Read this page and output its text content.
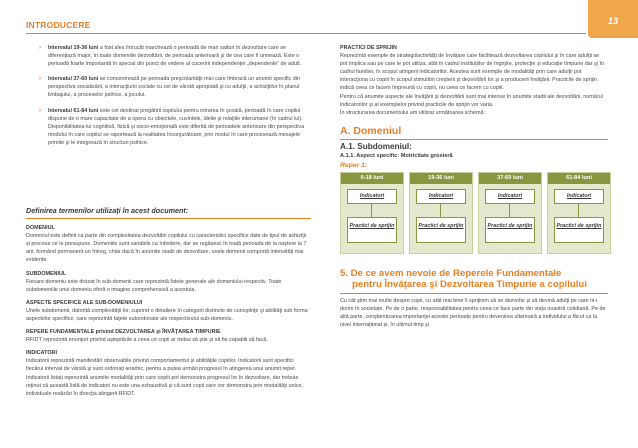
INTRODUCERE	13
› Intervalul 19-36 luni a fost ales întrucât marchează o perioadă de mari salturi în dezvoltare care se diferenţiază major, în toate domeniile dezvoltării, de perioada anterioară şi de cea care îi urmează. Este o perioadă foarte importantă în special din punct de vedere al cuceririi independenţei „dependente” de adult.
› Intervalul 37-60 luni se concentrează pe perioada preşcolarităţii mici care îmbracă un anumit specific din perspectiva socializării, a interacţiunii sociale cu cei de vârstă apropiată şi cu adulţii, a achiziţiilor în planul limbajului, a proceselor psihice, a jocului.
› Intervalul 61-84 luni este cel destinat pregătirii copilului pentru intrarea în şcoală, perioadă în care copilul dispune de o mare capacitate de a opera cu obiectele, cuvintele, ideile şi relaţiile interumane (în cadrul lui). Disponibilitatea lui cognitivă, fizică şi socio-emoţională este diferită de perioadele anterioare din perspectiva modului în care copilul se raportează la realitatea înconjurătoare, prin modul în care procesează mesajele primite şi le integrează în structuri psihice.
Definirea termenilor utilizaţi în acest document:
DOMENIUL
Domeniul este definit ca parte din complexitatea dezvoltării copilului cu caracteristici specifice date de tipul de achiziţii şi procese ce le presupune. Domeniile sunt variabile ca întindere, dar se regăsesc în toată perioada de la naştere la 7 ani, formând permanent un întreg, chiar dacă în anumite stadii de dezvoltare, unele domenii comportă intensităţi mai evidente.
SUBDOMENIUL
Fiecare domeniu este divizat în sub-domenii care reprezintă fatete generale ale domeniului respectiv. Toate subdomeniile unui domeniu oferă o imagine comprehensivă a acestuia.
ASPECTE SPECIFICE ALE SUB-DOMENIULUI
Unele subdomenii, datorită complexităţii lor, cuprind o detaliere în categorii distincte de cunoştinţe şi abilităţi sub forma aspectelor specifice, care reprezintă faţete subordonate ale respectivului sub-domeniu.
REPERE FUNDAMENTALE privind DEZVOLTAREA şi ÎNVĂŢAREA TIMPURIE
RFIDT reprezintă enunţuri privind aşteptările a ceea ce copii ar trebui să ştie şi să fie capabili să facă.
INDICATORI
Indicatorii reprezintă manifestări observabile privind comportamentul şi abilităţile copiilor. Indicatorii sunt specifici fiecărui interval de vârstă şi sunt ordonaţi ierarhic, pentru a putea urmări progresul în atingerea unui anumit reper. Indicatorii listaţi reprezintă anumite modalităţi prin care copiii pot demonstra progresul lor în dezvoltare, dar trebuie reţinut că această listă de indicatori nu este una exhaustivă şi că sunt copii care vor demonstra prin modalităţi unice, individuale realizări în direcţia atingerii RFIDT.
PRACTICI DE SPRIJIN
Reprezintă exemple de strategii/activităţi de învăţare care facilitează dezvoltarea copilului şi în care adulţii se pot implica sau pe care le pot utiliza, atât în cadrul instituţiilor de îngrijire, protecţie şi educaţie timpurie dar şi în cadrul familiei, în scopul atingerii indicatorilor. Acestea sunt exemple de modalităţi prin care adulţii pot interacţiona cu copiii în scopul stimulării creşterii şi dezvoltării lor şi a producerii învăţării. Practicile de sprijin indică ceea ce facem împreună cu copiii, nu ceea ce facem cu copiii.
Pentru că anumite aspecte ale învăţării şi dezvoltării sunt mai intense în anumite stadii ale dezvoltării, numărul indicatorilor şi al exemplelor privind practicile de sprijin vor varia.
În structurarea documentului am utilizat următoarea schemă:
A. Domeniul
A.1. Subdomeniul:
A.1.1. Aspect specific: Motricitate grosieră
Reper 1:
0-18 luni
Indicatori
Practici de sprijin
19-36 luni
Indicatori
Practici de sprijin
37-60 luni
Indicatori
Practici de sprijin
61-84 luni
Indicatori
Practici de sprijin
5. De ce avem nevoie de Reperele Fundamentale
pentru Învăţarea şi Dezvoltarea Timpurie a copilului
Cu cât ştim mai multe despre copii, cu atât mai bine îi sprijinim să se dezvolte şi să devină adulţi pe care ni-i dorim în societate. Pe de o parte, responsabilitatea pentru ceea ce face parte din viaţa noastră cotidiană. Pe de altă parte, conştientizarea importanţei acestei perioade pentru devenirea ulterioară a individului a făcut ca la nivel internaţional şi, în ultimul timp şi
